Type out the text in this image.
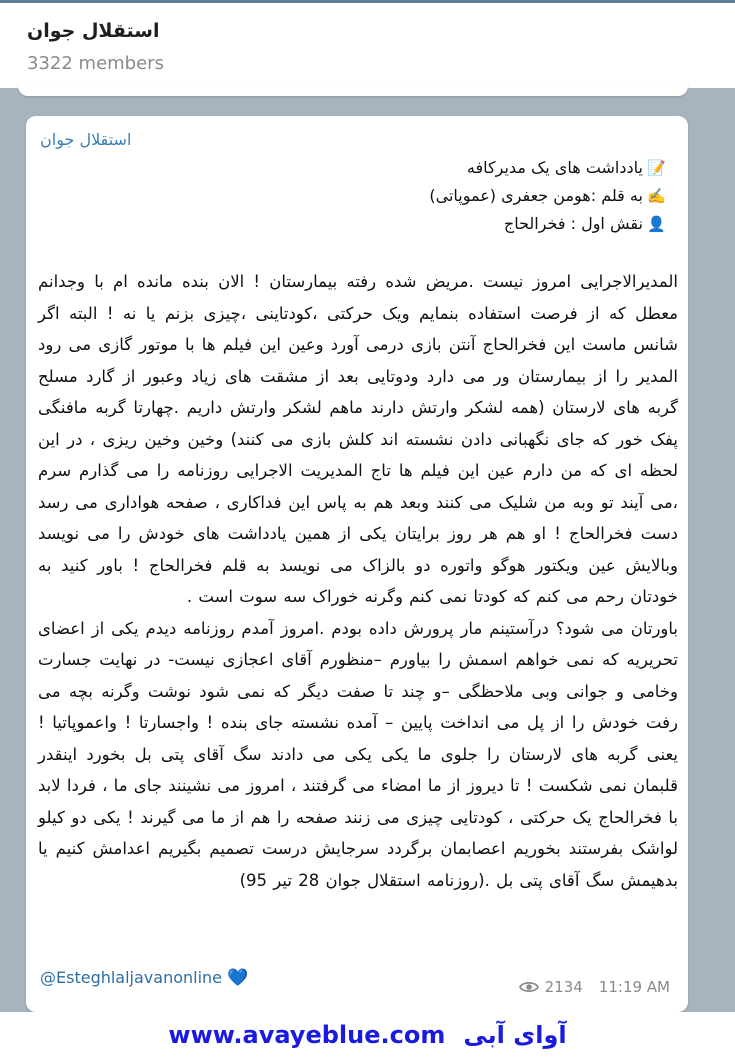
استقلال جوان
3322 members
استقلال جوان
📝 یادداشت های یک مدیرکافه
✍️ به قلم :هومن جعفری (عموپاتی)
👤 نقش اول : فخرالحاج

المدیرالاجرایی امروز نیست .مریض شده رفته بیمارستان ! الان بنده مانده ام با وجدانم معطل که از فرصت استفاده بنمایم ویک حرکتی ،کودتاینی ،چیزی بزنم یا نه ! البته اگر شانس ماست این فخرالحاج آنتن بازی درمی آورد وعین این فیلم ها با موتور گازی می رود المدیر را از بیمارستان ور می دارد ودوتایی بعد از مشقت های زیاد وعبور از گارد مسلح گربه های لارستان (همه لشکر وارتش دارند ماهم لشکر وارتش داریم .چهارتا گربه مافنگی پفک خور که جای نگهبانی دادن نشسته اند کلش بازی می کنند) وخین وخین ریزی ، در این لحظه ای که من دارم عین این فیلم ها تاج المدیریت الاجرایی روزنامه را می گذارم سرم ،می آیند تو وبه من شلیک می کنند وبعد هم به پاس این فداکاری ، صفحه هواداری می رسد دست فخرالحاج ! او هم هر روز برایتان یکی از همین یادداشت های خودش را می نویسد وبالایش عین ویکتور هوگو واتوره دو بالزاک می نویسد به قلم فخرالحاج ! باور کنید به خودتان رحم می کنم که کودتا نمی کنم وگرنه خوراک سه سوت است .

باورتان می شود؟ درآستینم مار پرورش داده بودم .امروز آمدم روزنامه دیدم یکی از اعضای تحریریه که نمی خواهم اسمش را بیاورم –منظورم آقای اعجازی نیست- در نهایت جسارت وخامی و جوانی وبی ملاحظگی –و چند تا صفت دیگر که نمی شود نوشت وگرنه بچه می رفت خودش را از پل می انداخت پایین – آمده نشسته جای بنده ! واجسارتا ! واعموپاتیا ! یعنی گربه های لارستان را جلوی ما یکی یکی می دادند سگ آقای پتی بل بخورد اینقدر قلبمان نمی شکست ! تا دیروز از ما امضاء می گرفتند ، امروز می نشینند جای ما ، فردا لابد با فخرالحاج یک حرکتی ، کودتایی چیزی می زنند صفحه را هم از ما می گیرند ! یکی دو کیلو لواشک بفرستند بخوریم اعصابمان برگردد سرجایش درست تصمیم بگیریم اعدامش کنیم یا بدهیمش سگ آقای پتی بل .(روزنامه استقلال جوان 28 تیر 95)

@Esteghlaljavanonline 💙	2134 11:19 AM
www.avayeblue.com آوای آبی
